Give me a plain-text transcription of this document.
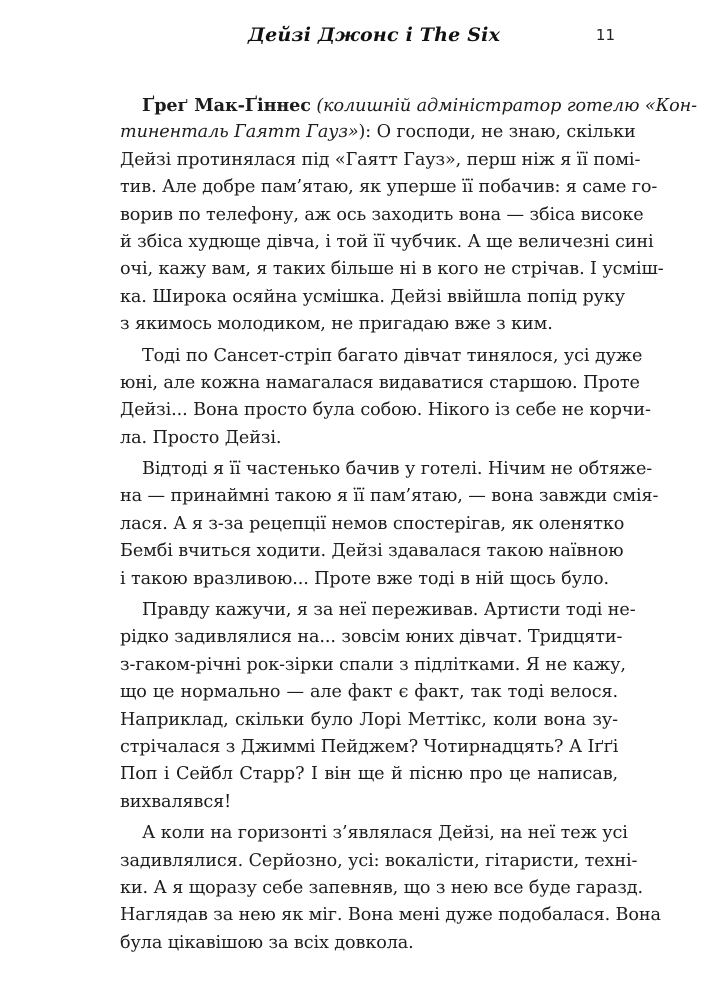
Дейзі Джонс і The Six	11
Ґреґ Мак-Ґіннес (колишній адміністратор готелю «Кон-
тиненталь Гаятт Гауз»): О господи, не знаю, скільки
Дейзі протинялася під «Гаятт Гауз», перш ніж я її помі-
тив. Але добре пам’ятаю, як уперше її побачив: я саме го-
ворив по телефону, аж ось заходить вона — збіса високе
й збіса худюще дівча, і той її чубчик. А ще величезні сині
очі, кажу вам, я таких більше ні в кого не стрічав. І усміш-
ка. Широка осяйна усмішка. Дейзі ввійшла попід руку
з якимось молодиком, не пригадаю вже з ким.
Тоді по Сансет-стріп багато дівчат тинялося, усі дуже
юні, але кожна намагалася видаватися старшою. Проте
Дейзі... Вона просто була собою. Нікого із себе не корчи-
ла. Просто Дейзі.
Відтоді я її частенько бачив у готелі. Нічим не обтяже-
на — принаймні такою я її пам’ятаю, — вона завжди смія-
лася. А я з-за рецепції немов спостерігав, як оленятко
Бембі вчиться ходити. Дейзі здавалася такою наївною
і такою вразливою... Проте вже тоді в ній щось було.
Правду кажучи, я за неї переживав. Артисти тоді не-
рідко задивлялися на... зовсім юних дівчат. Тридцяти-
з-гаком-річні рок-зірки спали з підлітками. Я не кажу,
що це нормально — але факт є факт, так тоді велося.
Наприклад, скільки було Лорі Меттікс, коли вона зу-
стрічалася з Джиммі Пейджем? Чотирнадцять? А Іґґі
Поп і Сейбл Старр? І він ще й пісню про це написав,
вихвалявся!
А коли на горизонті з’являлася Дейзі, на неї теж усі
задивлялися. Серйозно, усі: вокалісти, гітаристи, техні-
ки. А я щоразу себе запевняв, що з нею все буде гаразд.
Наглядав за нею як міг. Вона мені дуже подобалася. Вона
була цікавішою за всіх довкола.
